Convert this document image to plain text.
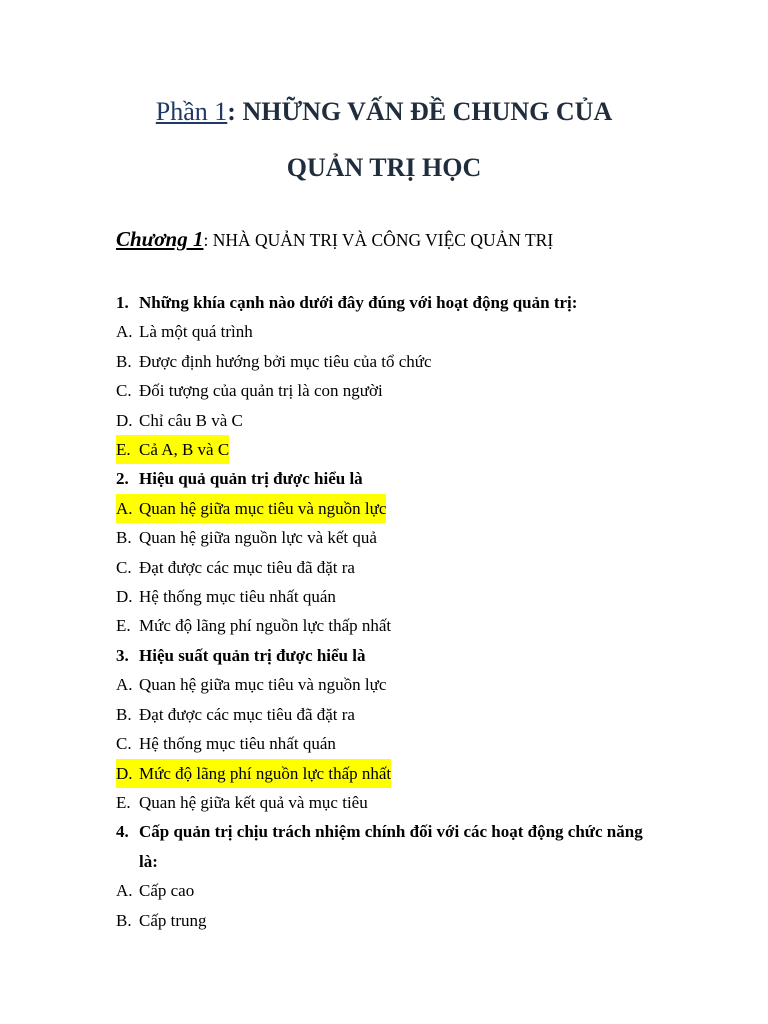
Phần 1: NHỮNG VẤN ĐỀ CHUNG CỦA
QUẢN TRỊ HỌC
Chương 1: NHÀ QUẢN TRỊ VÀ CÔNG VIỆC QUẢN TRỊ
1. Những khía cạnh nào dưới đây đúng với hoạt động quản trị:
A. Là một quá trình
B. Được định hướng bởi mục tiêu của tổ chức
C. Đối tượng của quản trị là con người
D. Chỉ câu B và C
E. Cả A, B và C
2. Hiệu quả quản trị được hiểu là
A. Quan hệ giữa mục tiêu và nguồn lực
B. Quan hệ giữa nguồn lực và kết quả
C. Đạt được các mục tiêu đã đặt ra
D. Hệ thống mục tiêu nhất quán
E. Mức độ lãng phí nguồn lực thấp nhất
3. Hiệu suất quản trị được hiểu là
A. Quan hệ giữa mục tiêu và nguồn lực
B. Đạt được các mục tiêu đã đặt ra
C. Hệ thống mục tiêu nhất quán
D. Mức độ lãng phí nguồn lực thấp nhất
E. Quan hệ giữa kết quả và mục tiêu
4. Cấp quản trị chịu trách nhiệm chính đối với các hoạt động chức năng là:
A. Cấp cao
B. Cấp trung
